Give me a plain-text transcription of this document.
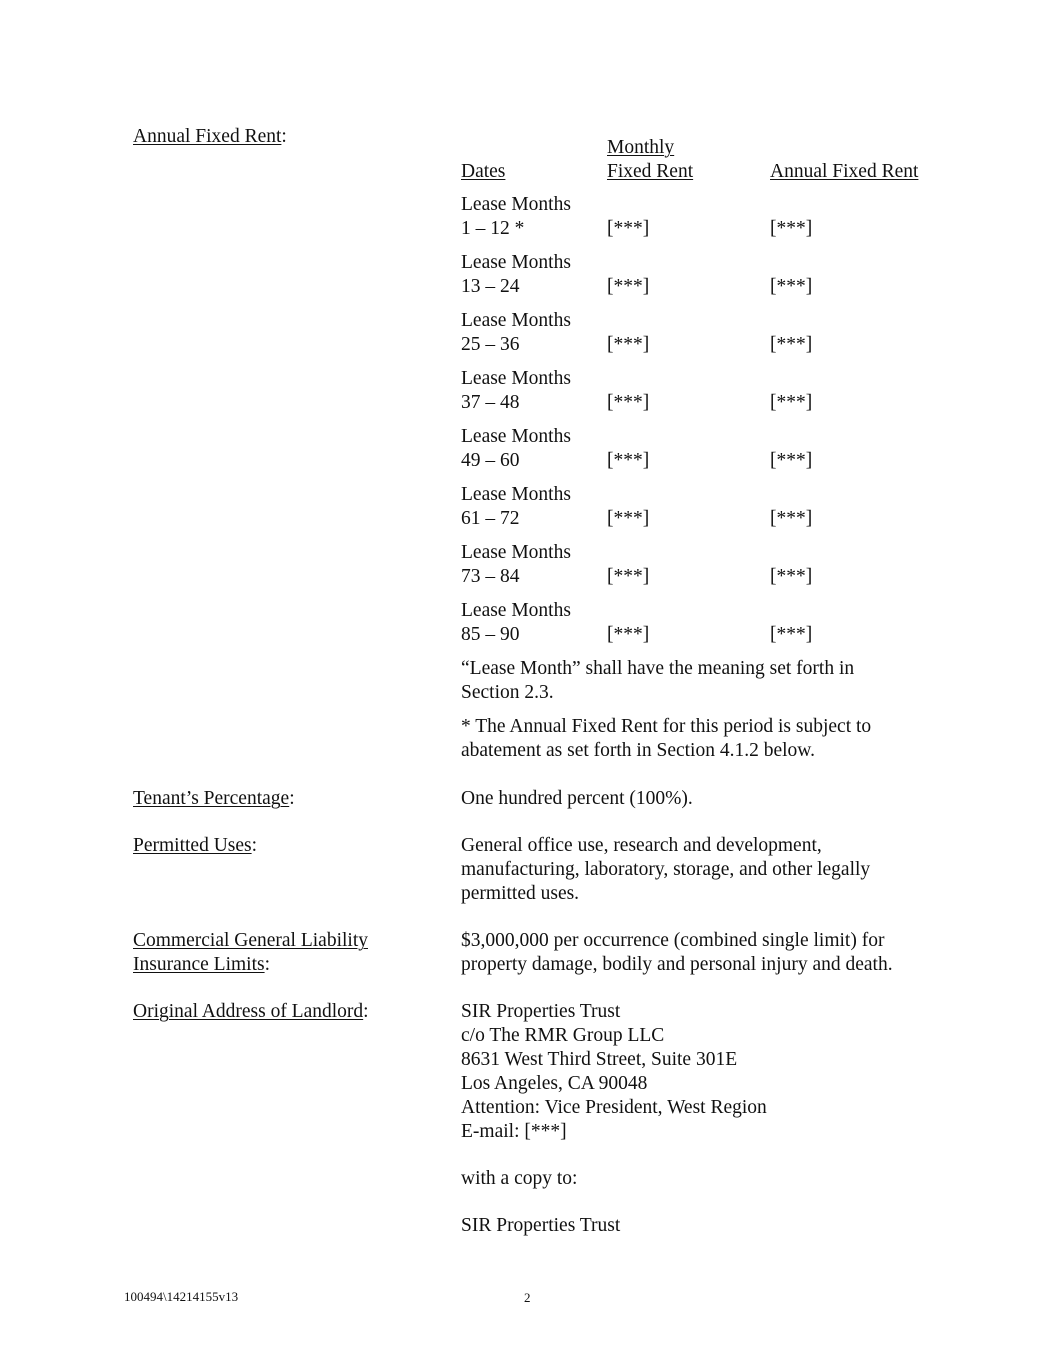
Annual Fixed Rent:
Monthly
Dates	Fixed Rent	Annual Fixed Rent
Lease Months
1 – 12 *	[***]	[***]
Lease Months
13 – 24	[***]	[***]
Lease Months
25 – 36	[***]	[***]
Lease Months
37 – 48	[***]	[***]
Lease Months
49 – 60	[***]	[***]
Lease Months
61 – 72	[***]	[***]
Lease Months
73 – 84	[***]	[***]
Lease Months
85 – 90	[***]	[***]
“Lease Month” shall have the meaning set forth in
Section 2.3.
* The Annual Fixed Rent for this period is subject to
abatement as set forth in Section 4.1.2 below.
Tenant’s Percentage:	One hundred percent (100%).
Permitted Uses:	General office use, research and development,
manufacturing, laboratory, storage, and other legally
permitted uses.
Commercial General Liability
Insurance Limits:
$3,000,000 per occurrence (combined single limit) for
property damage, bodily and personal injury and death.
Original Address of Landlord:	SIR Properties Trust
c/o The RMR Group LLC
8631 West Third Street, Suite 301E
Los Angeles, CA 90048
Attention: Vice President, West Region
E-mail: [***]
with a copy to:
SIR Properties Trust
100494\14214155v13	2
